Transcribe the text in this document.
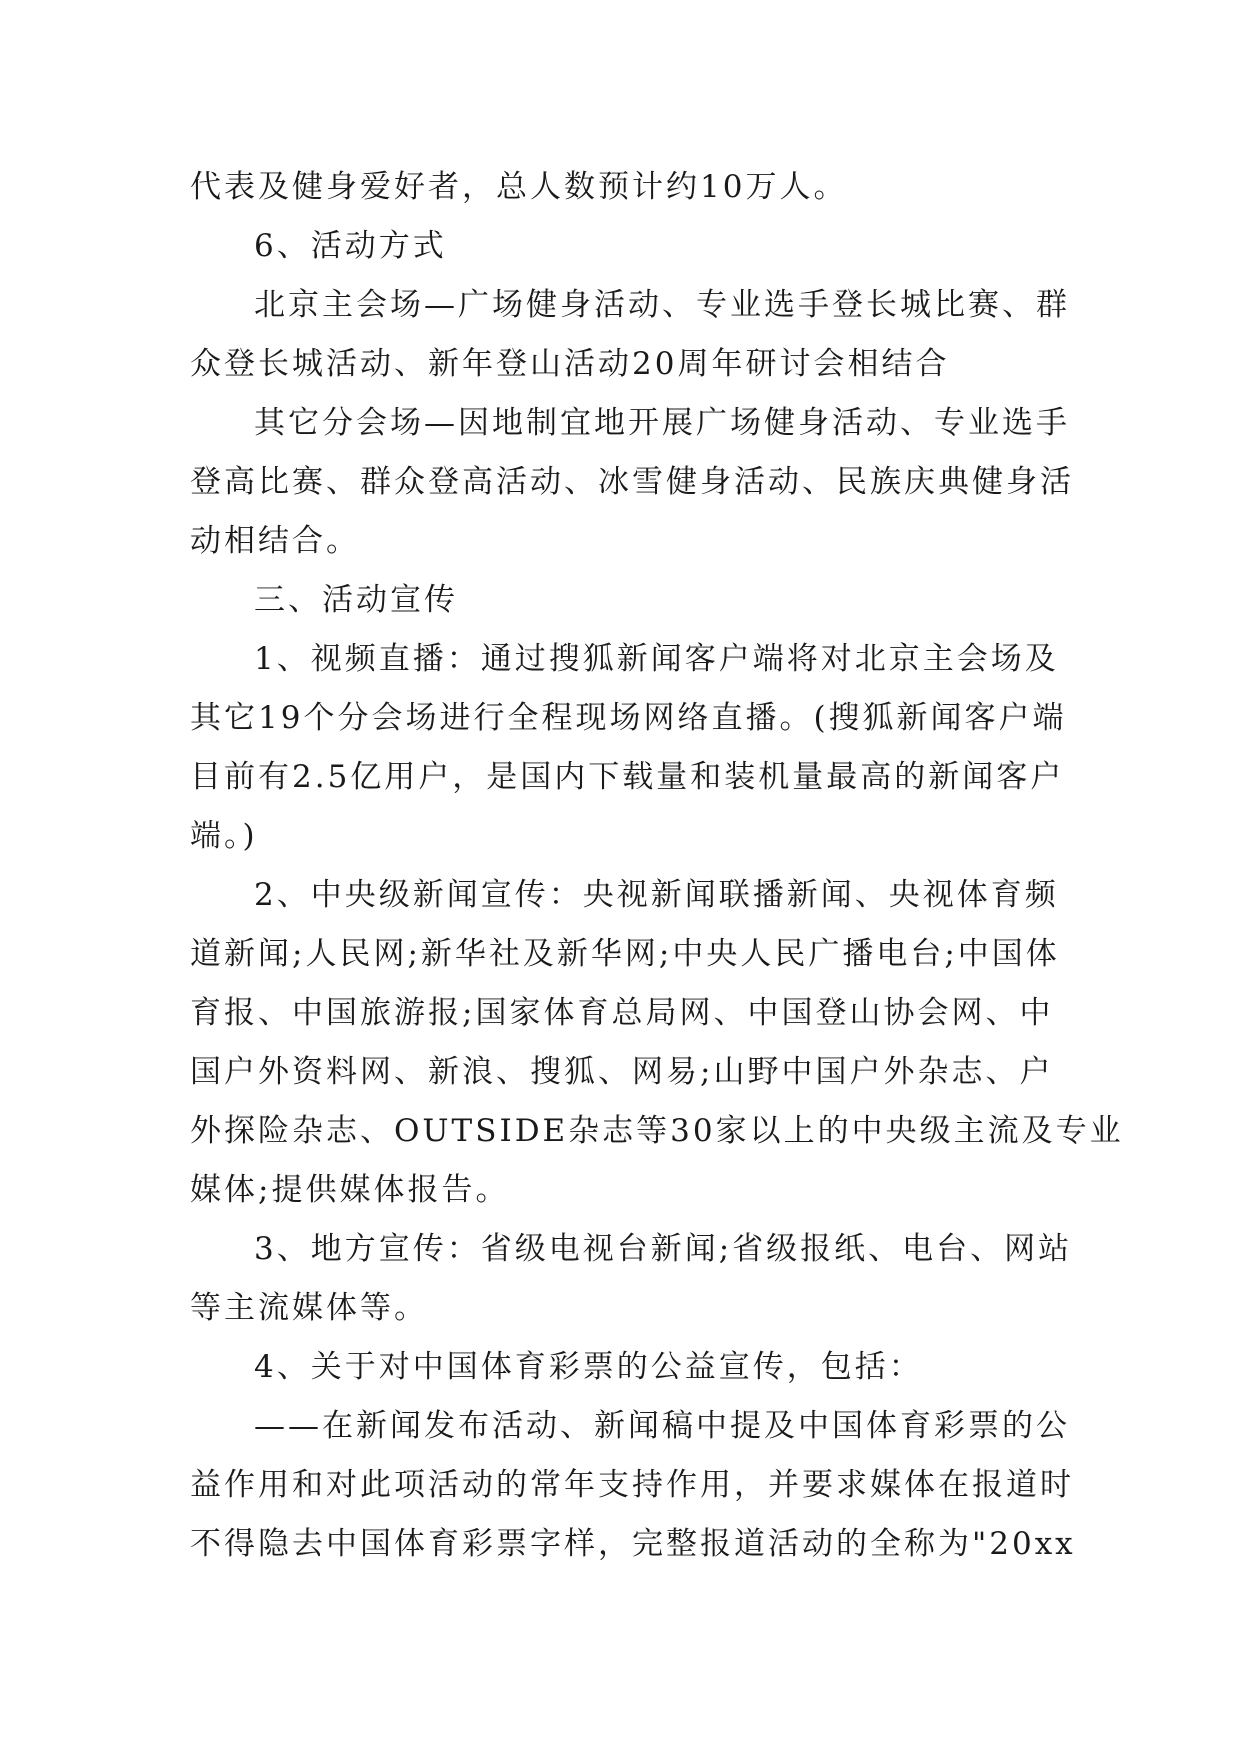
代表及健身爱好者，总人数预计约10万人。
6、活动方式
北京主会场—广场健身活动、专业选手登长城比赛、群
众登长城活动、新年登山活动20周年研讨会相结合
其它分会场—因地制宜地开展广场健身活动、专业选手
登高比赛、群众登高活动、冰雪健身活动、民族庆典健身活
动相结合。
三、活动宣传
1、视频直播：通过搜狐新闻客户端将对北京主会场及
其它19个分会场进行全程现场网络直播。(搜狐新闻客户端
目前有2.5亿用户，是国内下载量和装机量最高的新闻客户
端。)
2、中央级新闻宣传：央视新闻联播新闻、央视体育频
道新闻;人民网;新华社及新华网;中央人民广播电台;中国体
育报、中国旅游报;国家体育总局网、中国登山协会网、中
国户外资料网、新浪、搜狐、网易;山野中国户外杂志、户
外探险杂志、OUTSIDE杂志等30家以上的中央级主流及专业
媒体;提供媒体报告。
3、地方宣传：省级电视台新闻;省级报纸、电台、网站
等主流媒体等。
4、关于对中国体育彩票的公益宣传，包括：
——在新闻发布活动、新闻稿中提及中国体育彩票的公
益作用和对此项活动的常年支持作用，并要求媒体在报道时
不得隐去中国体育彩票字样，完整报道活动的全称为"20xx
